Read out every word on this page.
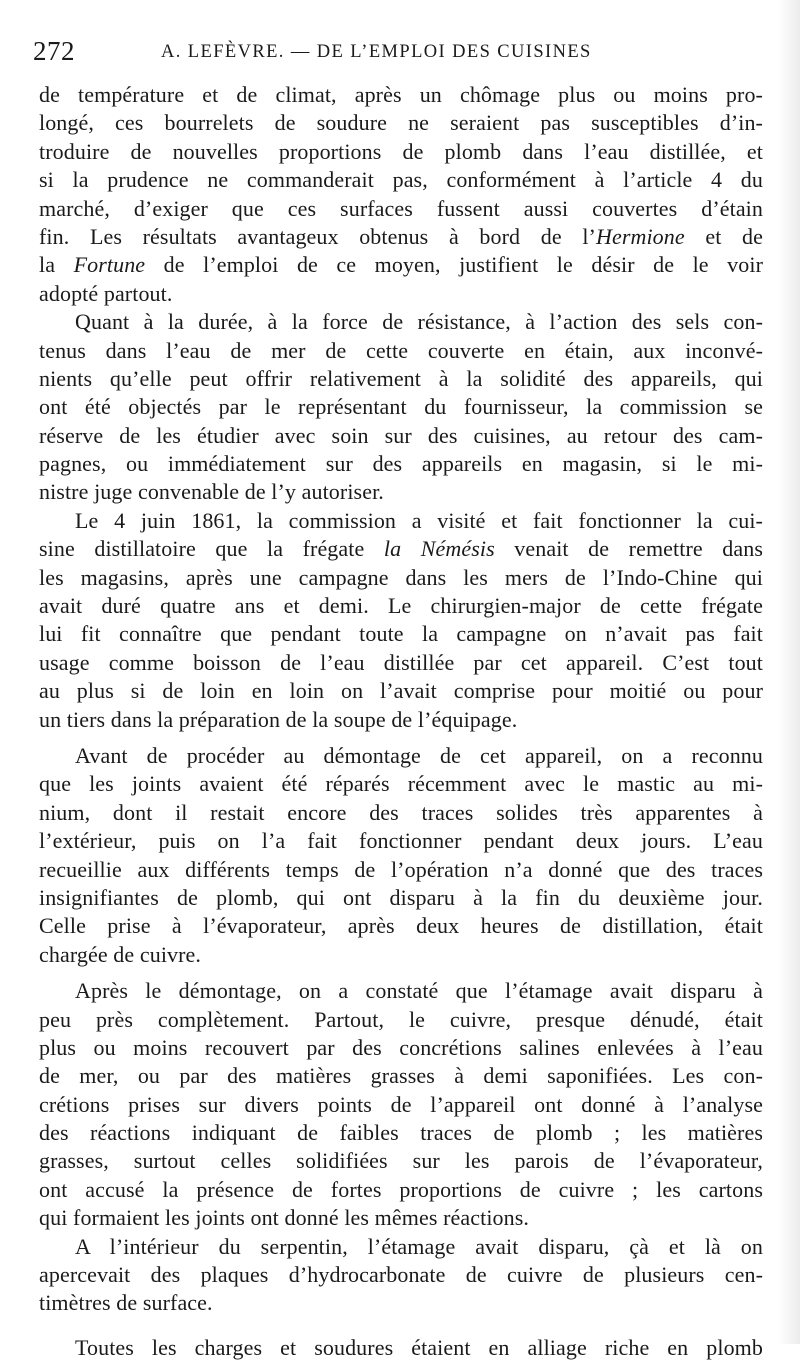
272	A. LEFÈVRE. — DE L’EMPLOI DES CUISINES
de température et de climat, après un chômage plus ou moins pro-
longé, ces bourrelets de soudure ne seraient pas susceptibles d’in-
troduire de nouvelles proportions de plomb dans l’eau distillée, et
si la prudence ne commanderait pas, conformément à l’article 4 du
marché, d’exiger que ces surfaces fussent aussi couvertes d’étain
fin. Les résultats avantageux obtenus à bord de l’Hermione et de
la Fortune de l’emploi de ce moyen, justifient le désir de le voir
adopté partout.
Quant à la durée, à la force de résistance, à l’action des sels con-
tenus dans l’eau de mer de cette couverte en étain, aux inconvé-
nients qu’elle peut offrir relativement à la solidité des appareils, qui
ont été objectés par le représentant du fournisseur, la commission se
réserve de les étudier avec soin sur des cuisines, au retour des cam-
pagnes, ou immédiatement sur des appareils en magasin, si le mi-
nistre juge convenable de l’y autoriser.
Le 4 juin 1861, la commission a visité et fait fonctionner la cui-
sine distillatoire que la frégate la Némésis venait de remettre dans
les magasins, après une campagne dans les mers de l’Indo-Chine qui
avait duré quatre ans et demi. Le chirurgien-major de cette frégate
lui fit connaître que pendant toute la campagne on n’avait pas fait
usage comme boisson de l’eau distillée par cet appareil. C’est tout
au plus si de loin en loin on l’avait comprise pour moitié ou pour
un tiers dans la préparation de la soupe de l’équipage.
Avant de procéder au démontage de cet appareil, on a reconnu
que les joints avaient été réparés récemment avec le mastic au mi-
nium, dont il restait encore des traces solides très apparentes à
l’extérieur, puis on l’a fait fonctionner pendant deux jours. L’eau
recueillie aux différents temps de l’opération n’a donné que des traces
insignifiantes de plomb, qui ont disparu à la fin du deuxième jour.
Celle prise à l’évaporateur, après deux heures de distillation, était
chargée de cuivre.
Après le démontage, on a constaté que l’étamage avait disparu à
peu près complètement. Partout, le cuivre, presque dénudé, était
plus ou moins recouvert par des concrétions salines enlevées à l’eau
de mer, ou par des matières grasses à demi saponifiées. Les con-
crétions prises sur divers points de l’appareil ont donné à l’analyse
des réactions indiquant de faibles traces de plomb ; les matières
grasses, surtout celles solidifiées sur les parois de l’évaporateur,
ont accusé la présence de fortes proportions de cuivre ; les cartons
qui formaient les joints ont donné les mêmes réactions.
A l’intérieur du serpentin, l’étamage avait disparu, çà et là on
apercevait des plaques d’hydrocarbonate de cuivre de plusieurs cen-
timètres de surface.
Toutes les charges et soudures étaient en alliage riche en plomb
